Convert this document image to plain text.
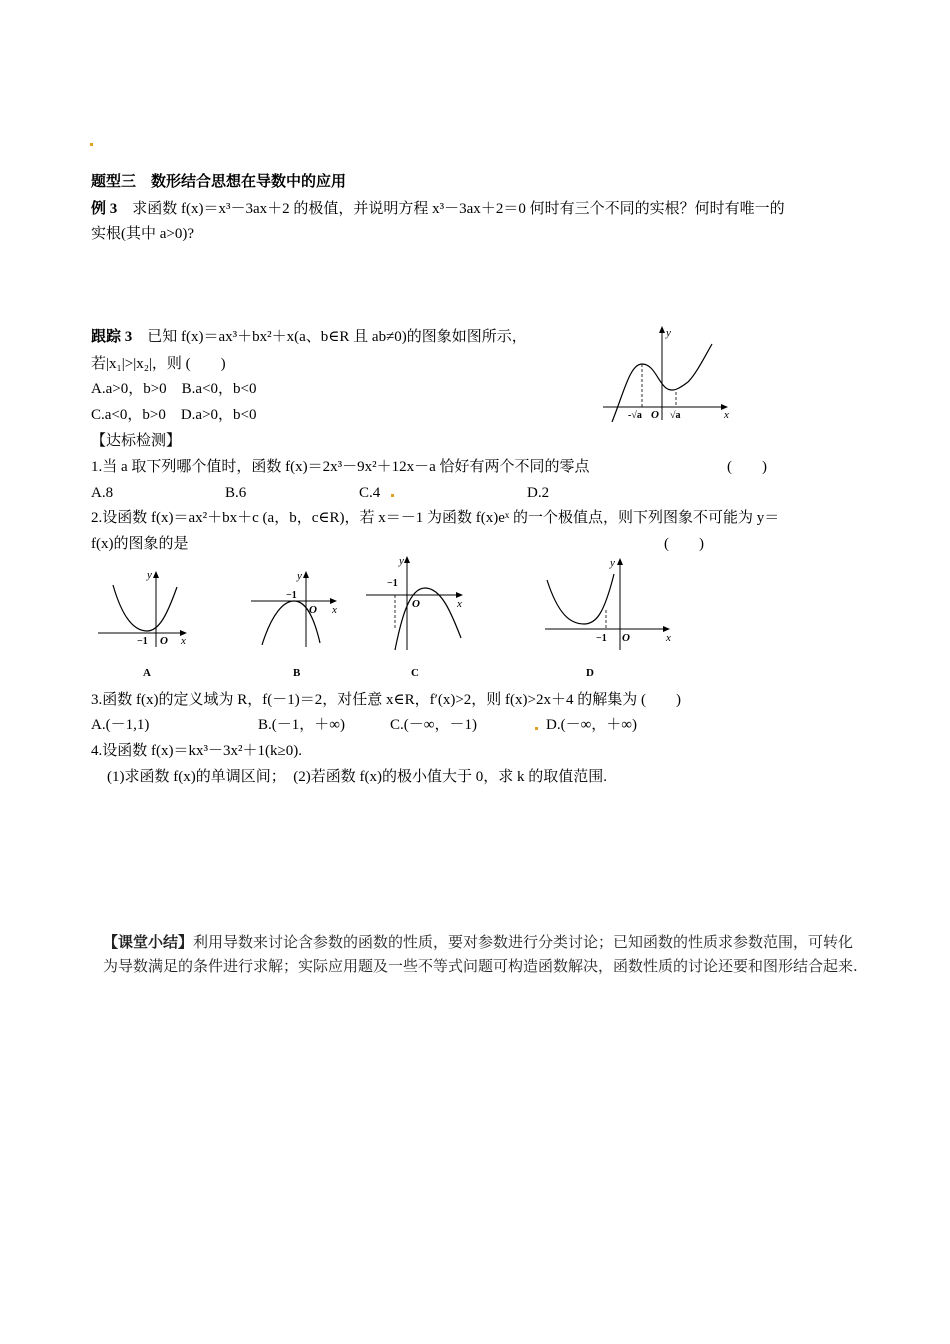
题型三　数形结合思想在导数中的应用
例 3　求函数 f(x)＝x³－3ax＋2 的极值，并说明方程 x³－3ax＋2＝0 何时有三个不同的实根？何时有唯一的
实根(其中 a>0)?
跟踪 3　已知 f(x)＝ax³＋bx²＋x(a、b∈R 且 ab≠0)的图象如图所示，
若|x₁|>|x₂|，则 (　　)
A.a>0，b>0　B.a<0，b<0
C.a<0，b>0　D.a>0，b<0
y
x
O
-√a	√a
【达标检测】
1.当 a 取下列哪个值时，函数 f(x)＝2x³－9x²＋12x－a 恰好有两个不同的零点	(　　)
A.8	B.6	C.4	D.2
2.设函数 f(x)＝ax²＋bx＋c (a，b，c∈R)，若 x＝－1 为函数 f(x)eˣ 的一个极值点，则下列图象不可能为 y＝
f(x)的图象的是	(　　)
y
x
O
−1
A
y
x
O
−1
B
y
x
O
−1
C
y
x
O
−1
D
3.函数 f(x)的定义域为 R，f(－1)＝2，对任意 x∈R，f′(x)>2，则 f(x)>2x＋4 的解集为 (　　)
A.(－1,1)	B.(－1，＋∞)	C.(－∞，－1)	D.(－∞，＋∞)
4.设函数 f(x)＝kx³－3x²＋1(k≥0).
(1)求函数 f(x)的单调区间；　(2)若函数 f(x)的极小值大于 0，求 k 的取值范围.
【课堂小结】利用导数来讨论含参数的函数的性质，要对参数进行分类讨论；已知函数的性质求参数范围，可转化为导数满足的条件进行求解；实际应用题及一些不等式问题可构造函数解决，函数性质的讨论还要和图形结合起来.
